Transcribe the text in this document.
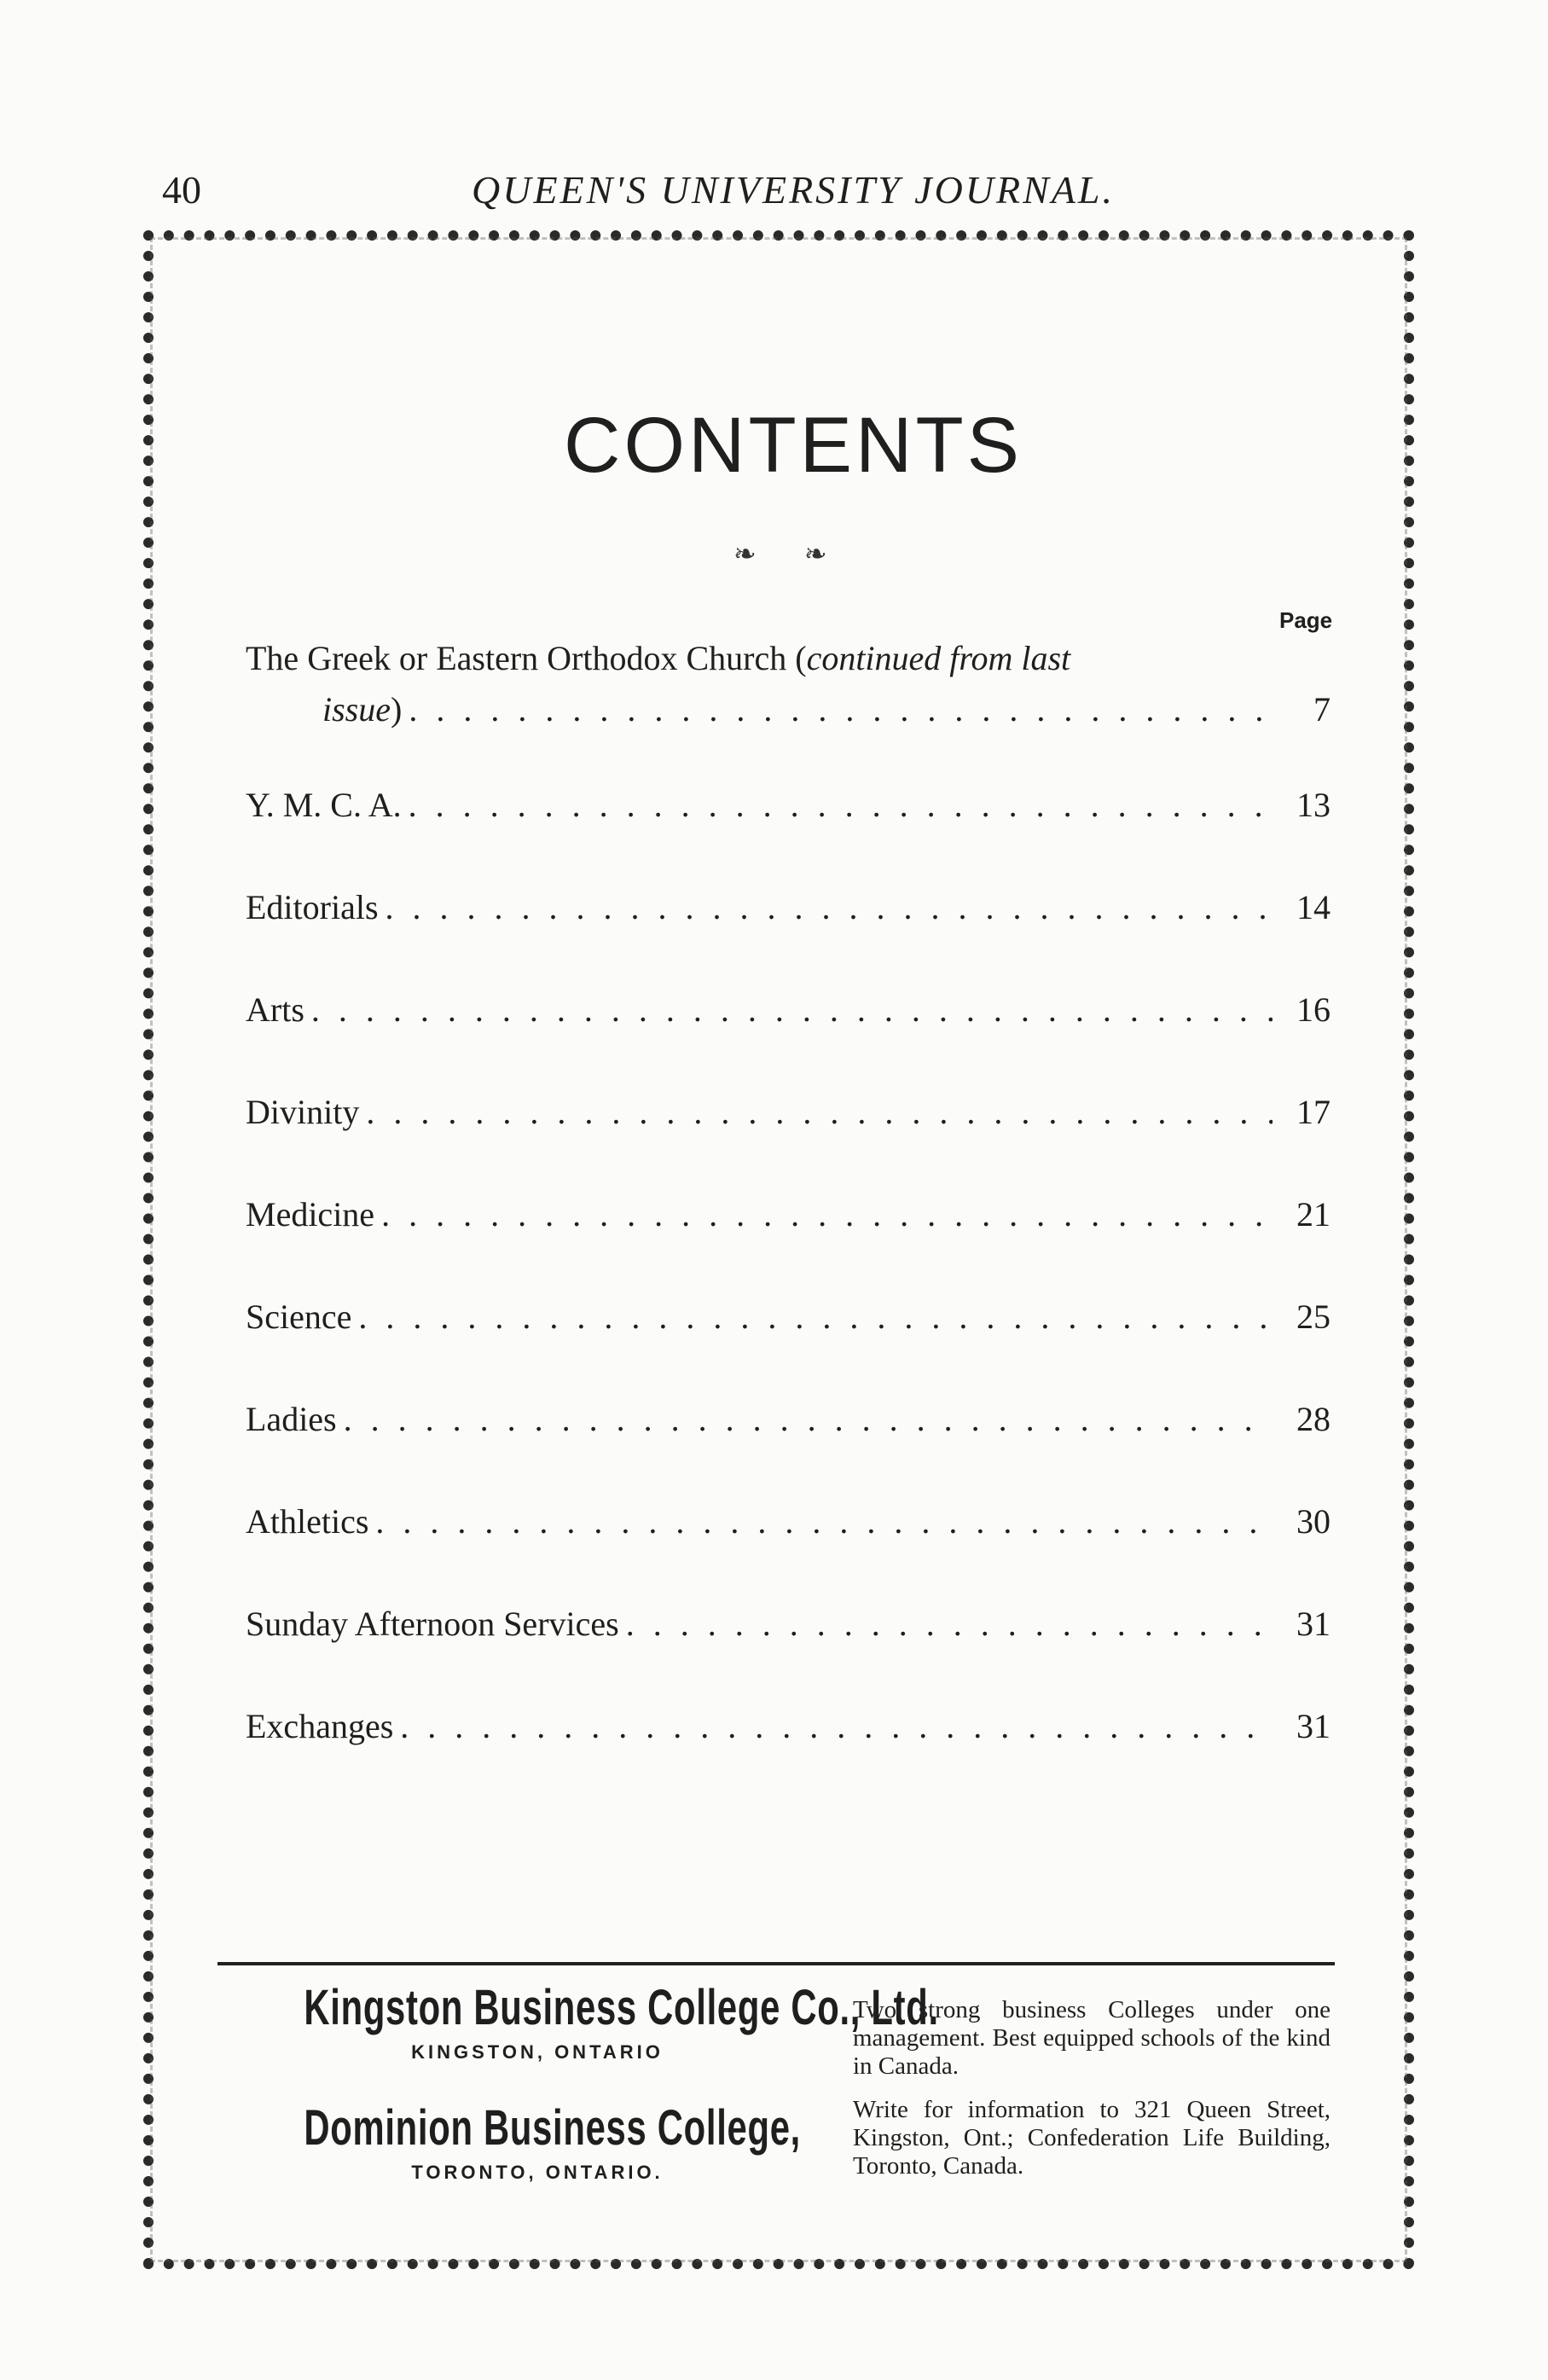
40	QUEEN'S UNIVERSITY JOURNAL.
CONTENTS
❧ ❧
Page
The Greek or Eastern Orthodox Church (continued from last
issue) . . .	7
Y. M. C. A. . . .	13
Editorials . . .	14
Arts . . .	16
Divinity . . .	17
Medicine . . .	21
Science . . .	25
Ladies . . .	28
Athletics . . .	30
Sunday Afternoon Services . . .	31
Exchanges . . .	31
Kingston Business College Co., Ltd.
KINGSTON, ONTARIO
Dominion Business College,
TORONTO, ONTARIO.

Two strong business Colleges under one management. Best equipped schools of the kind in Canada.

Write for information to 321 Queen Street, Kingston, Ont.; Confederation Life Building, Toronto, Canada.
